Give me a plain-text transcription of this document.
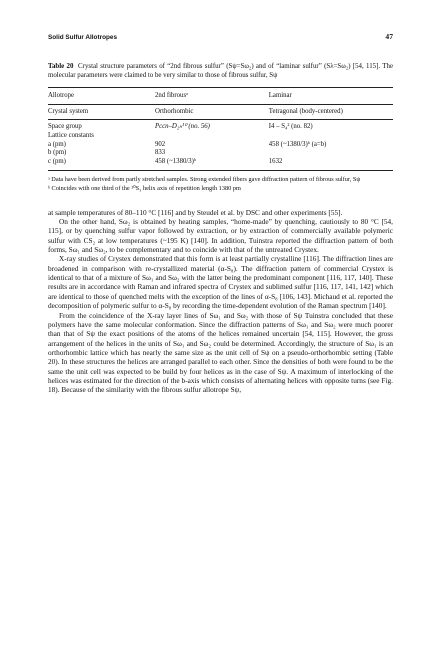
Solid Sulfur Allotropes	47

Table 20 Crystal structure parameters of “2nd fibrous sulfur” (Sψ=Sω₂) and of “laminar sulfur” (Sλ=Sω₂) [54, 115]. The molecular parameters were claimed to be very similar to those of fibrous sulfur, Sψ

Allotrope	2nd fibrousᵃ	Laminar
Crystal system	Orthorhombic	Tetragonal (body-centered)
Space group	Pccn–D₂ₕ¹⁰ (no. 56)	I4 – S₄² (no. 82)
Lattice constants		
a (pm)	902	458 (~1380/3)ᵇ (a=b)
b (pm)	833	
c (pm)	458 (~1380/3)ᵇ	1632

ᵃ Data have been derived from partly stretched samples. Strong extended fibers gave diffraction pattern of fibrous sulfur, Sψ

ᵇ Coincides with one third of the ¹⁰S₃ helix axis of repetition length 1380 pm

at sample temperatures of 80–110 °C [116] and by Steudel et al. by DSC and other experiments [55].

On the other hand, Sω₂ is obtained by heating samples, “home-made” by quenching, cautiously to 80 °C [54, 115], or by quenching sulfur vapor followed by extraction, or by extraction of commercially available polymeric sulfur with CS₂ at low temperatures (~195 K) [140]. In addition, Tuinstra reported the diffraction pattern of both forms, Sω₁ and Sω₂, to be complementary and to coincide with that of the untreated Crystex.

X-ray studies of Crystex demonstrated that this form is at least partially crystalline [116]. The diffraction lines are broadened in comparison with re-crystallized material (α-S₈). The diffraction pattern of commercial Crystex is identical to that of a mixture of Sω₁ and Sω₂ with the latter being the predominant component [116, 117, 140]. These results are in accordance with Raman and infrared spectra of Crystex and sublimed sulfur [116, 117, 141, 142] which are identical to those of quenched melts with the exception of the lines of α-S₈ [106, 143]. Michaud et al. reported the decomposition of polymeric sulfur to α-S₈ by recording the time-dependent evolution of the Raman spectrum [140].

From the coincidence of the X-ray layer lines of Sω₁ and Sω₂ with those of Sψ Tuinstra concluded that these polymers have the same molecular conformation. Since the diffraction patterns of Sω₁ and Sω₂ were much poorer than that of Sψ the exact positions of the atoms of the helices remained uncertain [54, 115]. However, the gross arrangement of the helices in the units of Sω₁ and Sω₂ could be determined. Accordingly, the structure of Sω₁ is an orthorhombic lattice which has nearly the same size as the unit cell of Sψ on a pseudo-orthorhombic setting (Table 20). In these structures the helices are arranged parallel to each other. Since the densities of both were found to be the same the unit cell was expected to be build by four helices as in the case of Sψ. A maximum of interlocking of the helices was estimated for the direction of the b-axis which consists of alternating helices with opposite turns (see Fig. 18). Because of the similarity with the fibrous sulfur allotrope Sψ,
